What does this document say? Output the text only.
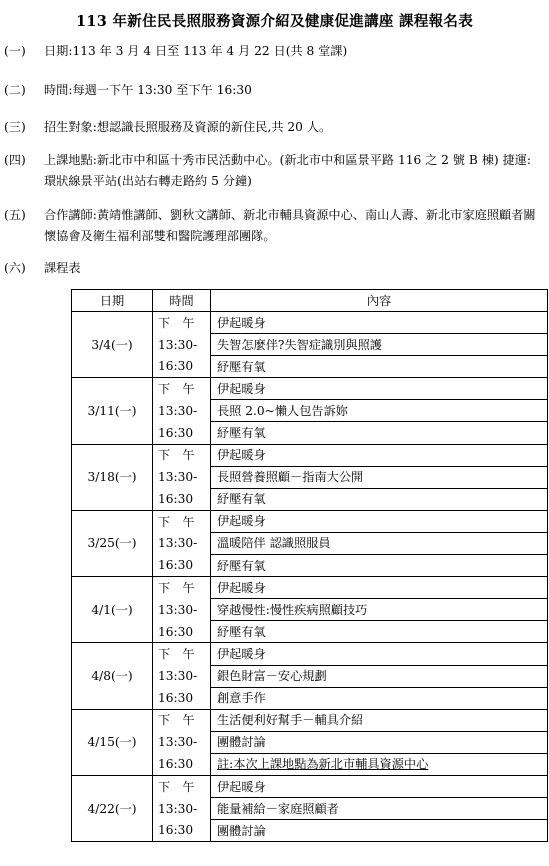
113 年新住民長照服務資源介紹及健康促進講座 課程報名表
(一) 日期:113 年 3 月 4 日至 113 年 4 月 22 日(共 8 堂課)
(二) 時間:每週一下午 13:30 至下午 16:30
(三) 招生對象:想認識長照服務及資源的新住民,共 20 人。
(四) 上課地點:新北市中和區十秀市民活動中心。(新北市中和區景平路 116 之 2 號 B 棟) 捷運:環狀線景平站(出站右轉走路約 5 分鐘)
(五) 合作講師:黃靖惟講師、劉秋文講師、新北市輔具資源中心、南山人壽、新北市家庭照顧者關懷協會及衛生福利部雙和醫院護理部團隊。
(六) 課程表
日期	時間	內容
3/4(一)	下　午	伊起暖身
	13:30-	失智怎麼伴?失智症識別與照護
	16:30	紓壓有氧
3/11(一)	下　午	伊起暖身
	13:30-	長照 2.0~懶人包告訴妳
	16:30	紓壓有氧
3/18(一)	下　午	伊起暖身
	13:30-	長照營養照顧－指南大公開
	16:30	紓壓有氧
3/25(一)	下　午	伊起暖身
	13:30-	溫暖陪伴 認識照服員
	16:30	紓壓有氧
4/1(一)	下　午	伊起暖身
	13:30-	穿越慢性:慢性疾病照顧技巧
	16:30	紓壓有氧
4/8(一)	下　午	伊起暖身
	13:30-	銀色財富－安心規劃
	16:30	創意手作
4/15(一)	下　午	生活便利好幫手－輔具介紹
	13:30-	團體討論
	16:30	註:本次上課地點為新北市輔具資源中心
4/22(一)	下　午	伊起暖身
	13:30-	能量補給－家庭照顧者
	16:30	團體討論
